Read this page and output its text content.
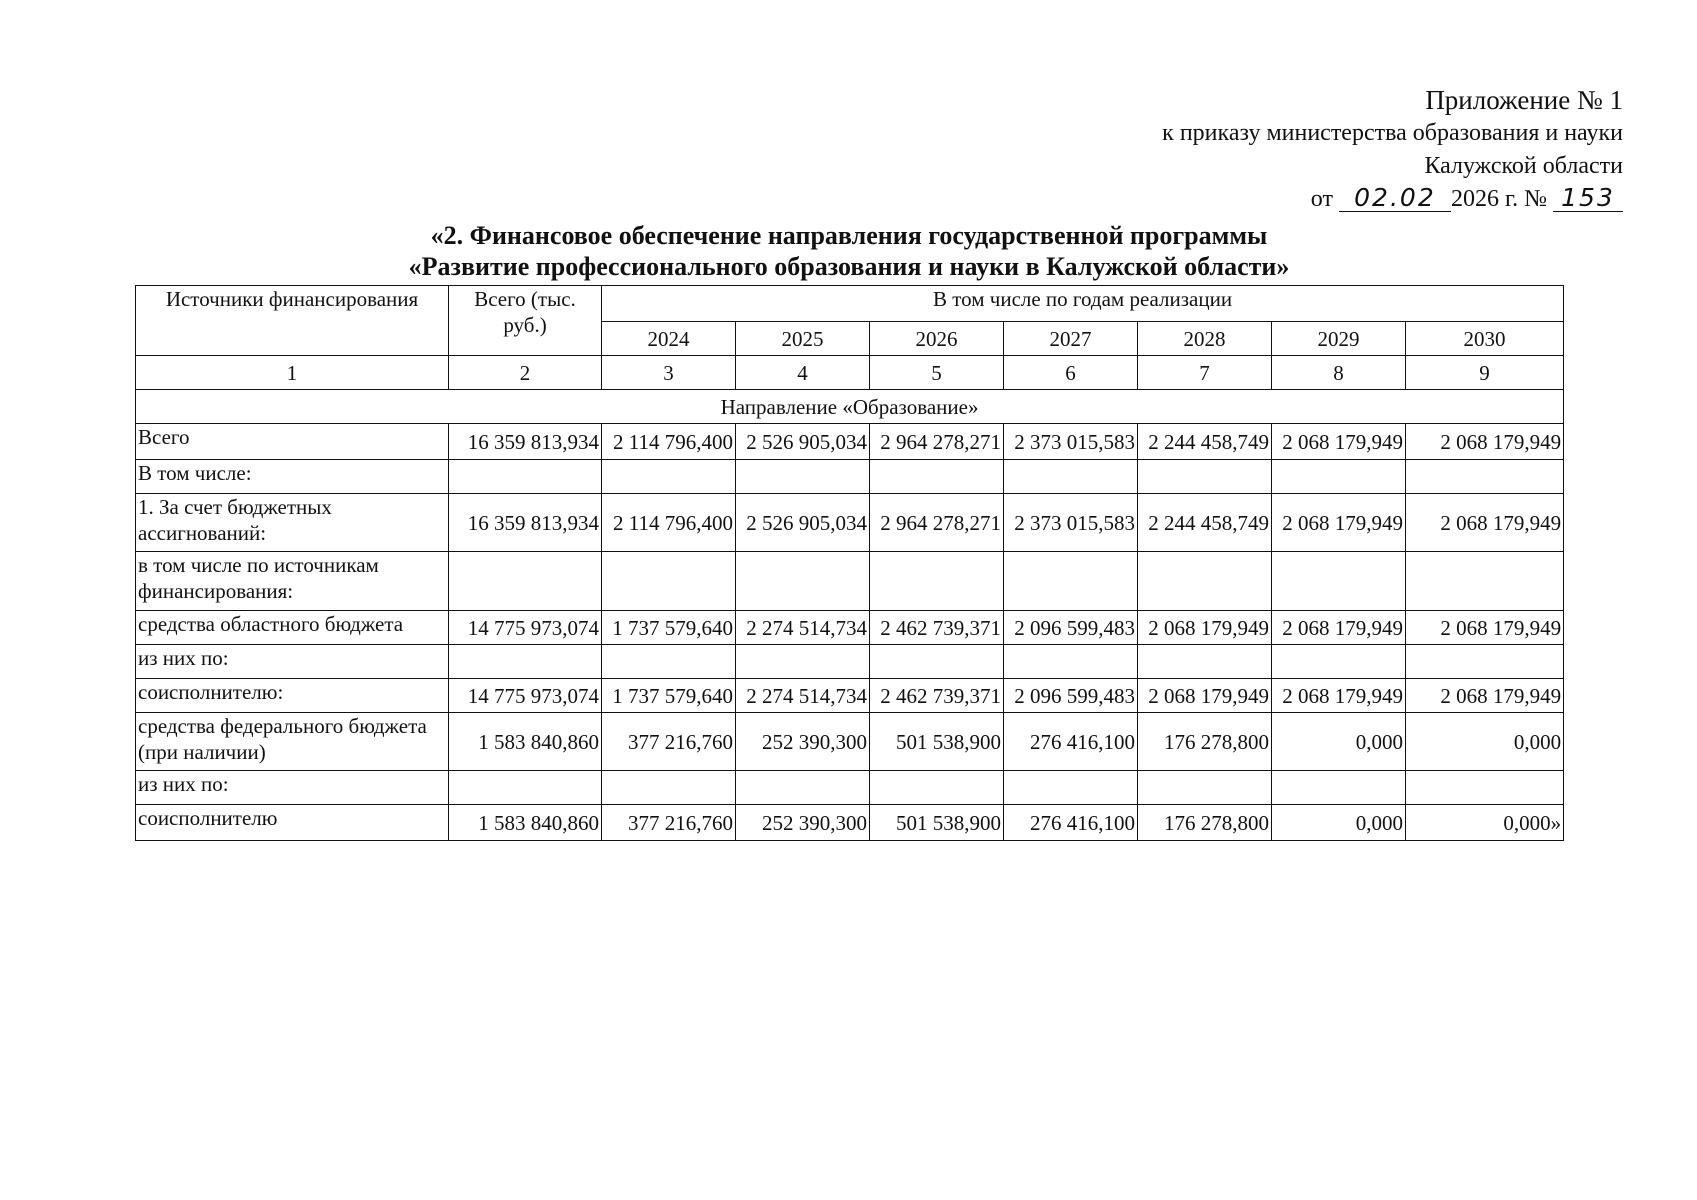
Приложение № 1
к приказу министерства образования и науки
Калужской области
от 02.02 2026 г. № 153
«2. Финансовое обеспечение направления государственной программы
«Развитие профессионального образования и науки в Калужской области»
Источники финансирования	Всего (тыс. руб.)	В том числе по годам реализации						
		2024	2025	2026	2027	2028	2029	2030
1	2	3	4	5	6	7	8	9
Направление «Образование»								
Всего	16 359 813,934	2 114 796,400	2 526 905,034	2 964 278,271	2 373 015,583	2 244 458,749	2 068 179,949	2 068 179,949
В том числе:								
1. За счет бюджетных ассигнований:	16 359 813,934	2 114 796,400	2 526 905,034	2 964 278,271	2 373 015,583	2 244 458,749	2 068 179,949	2 068 179,949
в том числе по источникам финансирования:								
средства областного бюджета	14 775 973,074	1 737 579,640	2 274 514,734	2 462 739,371	2 096 599,483	2 068 179,949	2 068 179,949	2 068 179,949
из них по:								
соисполнителю:	14 775 973,074	1 737 579,640	2 274 514,734	2 462 739,371	2 096 599,483	2 068 179,949	2 068 179,949	2 068 179,949
средства федерального бюджета (при наличии)	1 583 840,860	377 216,760	252 390,300	501 538,900	276 416,100	176 278,800	0,000	0,000
из них по:								
соисполнителю	1 583 840,860	377 216,760	252 390,300	501 538,900	276 416,100	176 278,800	0,000	0,000»
